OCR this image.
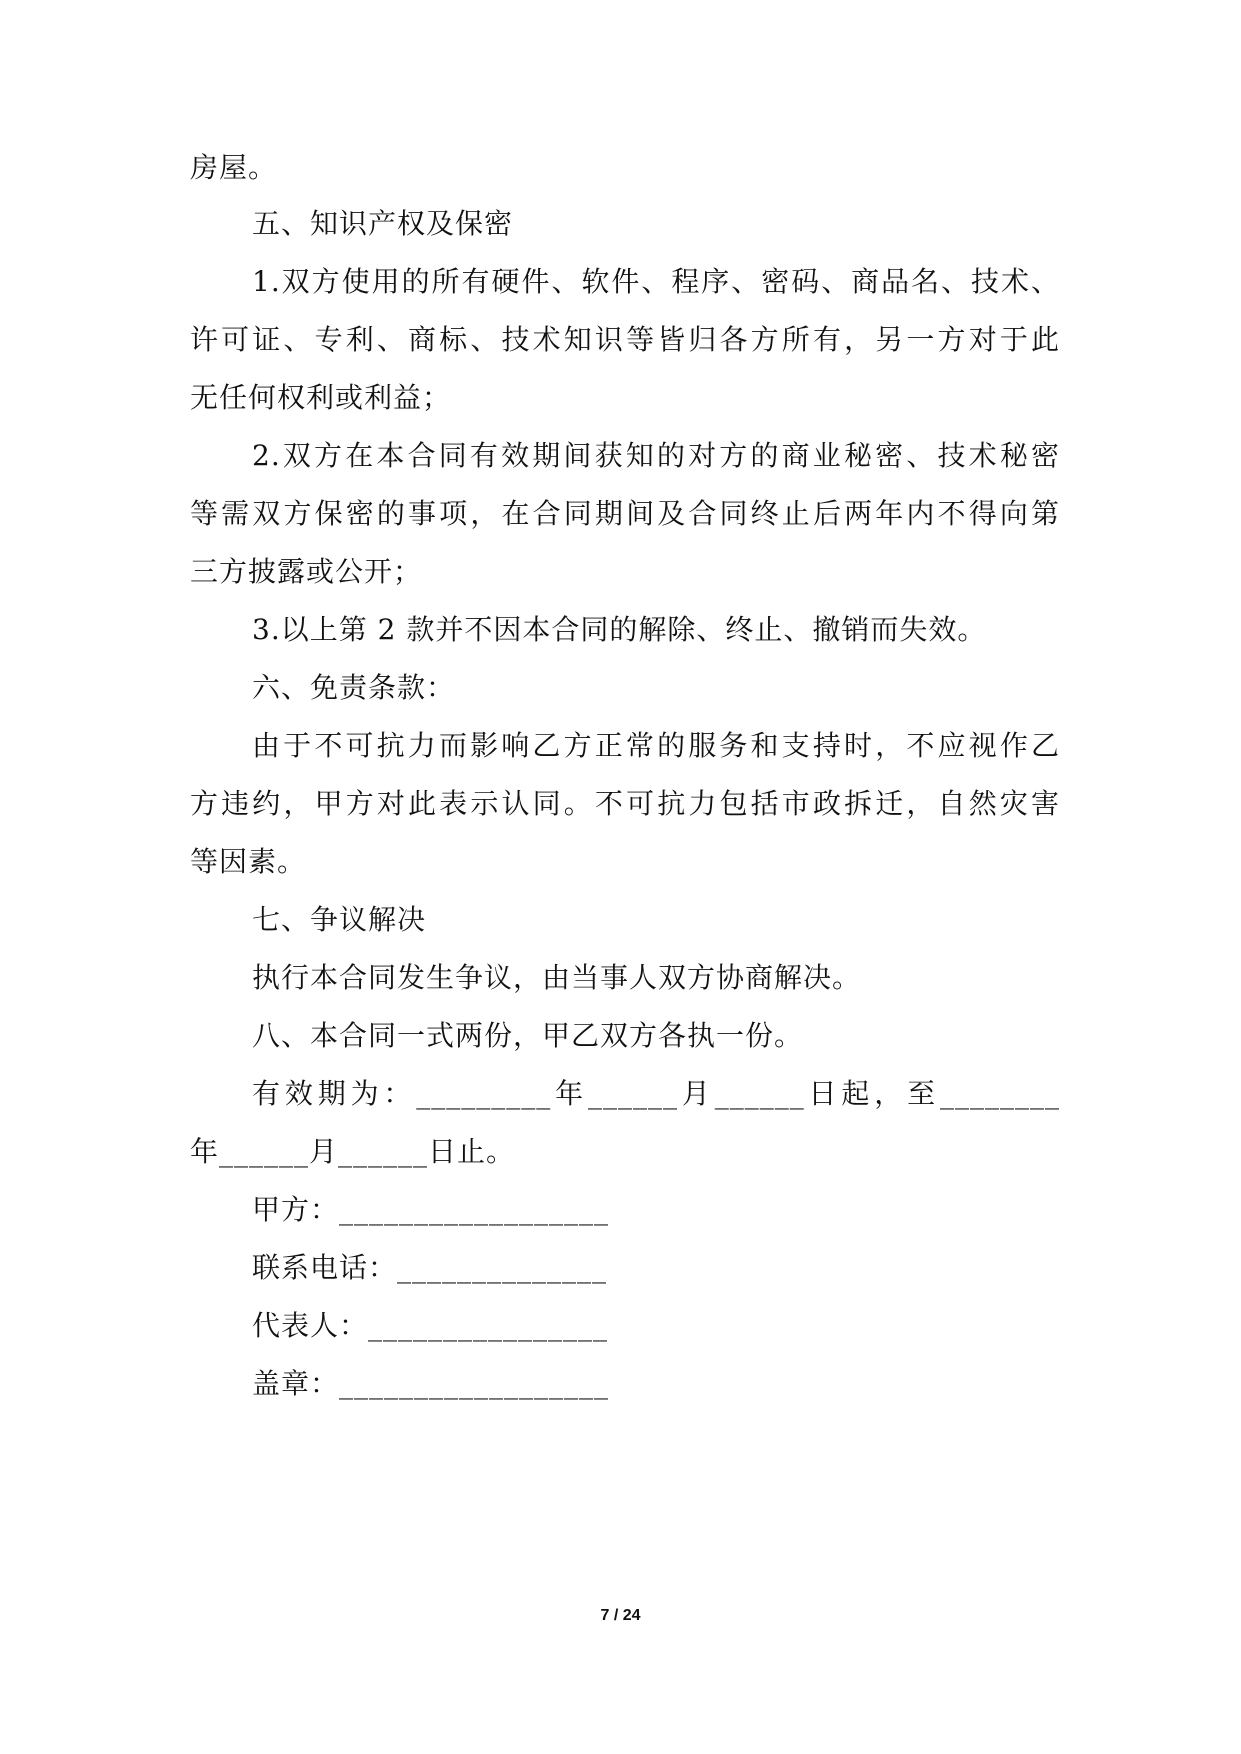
房屋。
五、知识产权及保密
1.双方使用的所有硬件、软件、程序、密码、商品名、技术、
许可证、专利、商标、技术知识等皆归各方所有，另一方对于此
无任何权利或利益；
2.双方在本合同有效期间获知的对方的商业秘密、技术秘密
等需双方保密的事项，在合同期间及合同终止后两年内不得向第
三方披露或公开；
3.以上第 2 款并不因本合同的解除、终止、撤销而失效。
六、免责条款：
由于不可抗力而影响乙方正常的服务和支持时，不应视作乙
方违约，甲方对此表示认同。不可抗力包括市政拆迁，自然灾害
等因素。
七、争议解决
执行本合同发生争议，由当事人双方协商解决。
八、本合同一式两份，甲乙双方各执一份。
有效期为：_________年______月______日起，至________
年______月______日止。
甲方：__________________
联系电话：______________
代表人：________________
盖章：__________________
7 / 24
